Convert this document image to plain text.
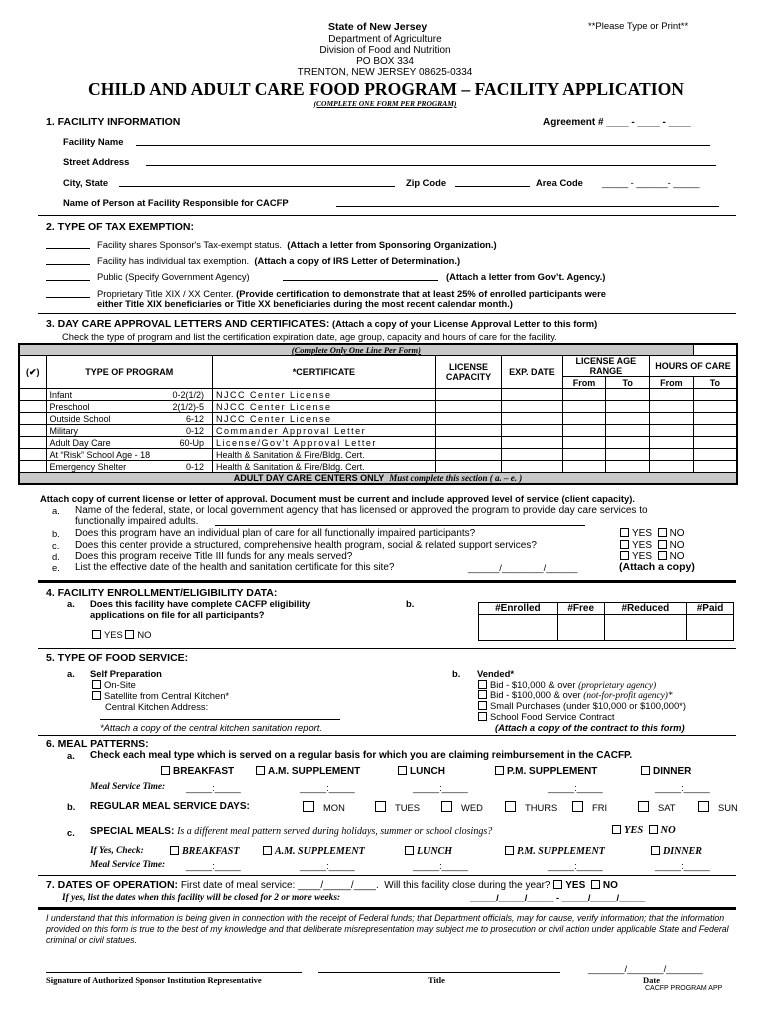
State of New Jersey	**Please Type or Print**
Department of Agriculture
Division of Food and Nutrition
PO BOX 334
TRENTON, NEW JERSEY 08625-0334
CHILD AND ADULT CARE FOOD PROGRAM – FACILITY APPLICATION
(COMPLETE ONE FORM PER PROGRAM)
1. FACILITY INFORMATION	Agreement # ____ - ____ - ____
Facility Name
Street Address
City, State	Zip Code	Area Code _____ - ______- _____
Name of Person at Facility Responsible for CACFP
2. TYPE OF TAX EXEMPTION:
Facility shares Sponsor's Tax-exempt status. (Attach a letter from Sponsoring Organization.)
Facility has individual tax exemption. (Attach a copy of IRS Letter of Determination.)
Public (Specify Government Agency)	(Attach a letter from Gov’t. Agency.)
Proprietary Title XIX / XX Center. (Provide certification to demonstrate that at least 25% of enrolled participants were
either Title XIX beneficiaries or Title XX beneficiaries during the most recent calendar month.)
3. DAY CARE APPROVAL LETTERS AND CERTIFICATES: (Attach a copy of your License Approval Letter to this form)
Check the type of program and list the certification expiration date, age group, capacity and hours of care for the facility.
(Complete Only One Line Per Form)								
(✔)	TYPE OF PROGRAM	*CERTIFICATE	LICENSE CAPACITY	EXP. DATE	LICENSE AGE RANGE		HOURS OF CARE	
					From	To	From	To
	Infant 0-2(1/2)	NJCC Center License						
	Preschool 2(1/2)-5	NJCC Center License						
	Outside School 6-12	NJCC Center License						
	Military 0-12	Commander Approval Letter						
	Adult Day Care 60-Up	License/Gov't Approval Letter						
	At “Risk” School Age - 18	Health & Sanitation & Fire/Bldg. Cert.						
	Emergency Shelter 0-12	Health & Sanitation & Fire/Bldg. Cert.						
ADULT DAY CARE CENTERS ONLY Must complete this section ( a. – e. )								
Attach copy of current license or letter of approval. Document must be current and include approved level of service (client capacity).
a. Name of the federal, state, or local government agency that has licensed or approved the program to provide day care services to
functionally impaired adults.
b. Does this program have an individual plan of care for all functionally impaired participants?
c. Does this center provide a structured, comprehensive health program, social & related support services?
d. Does this program receive Title III funds for any meals served?
e. List the effective date of the health and sanitation certificate for this site?	______/________/______
YES NO
YES NO
YES NO
(Attach a copy)
4. FACILITY ENROLLMENT/ELIGIBILITY DATA:
a. Does this facility have complete CACFP eligibility
applications on file for all participants?
b.
YES NO
#Enrolled	#Free	#Reduced	#Paid

5. TYPE OF FOOD SERVICE:
a. Self Preparation
On-Site
Satellite from Central Kitchen*
Central Kitchen Address:
*Attach a copy of the central kitchen sanitation report.
b. Vended*
Bid - $10,000 & over (proprietary agency)
Bid - $100,000 & over (not-for-profit agency)*
Small Purchases (under $10,000 or $100,000*)
School Food Service Contract
(Attach a copy of the contract to this form)
6. MEAL PATTERNS:
a. Check each meal type which is served on a regular basis for which you are claiming reimbursement in the CACFP.
BREAKFAST	A.M. SUPPLEMENT	LUNCH	P.M. SUPPLEMENT	DINNER
Meal Service Time: _____:_____	_____:_____	_____:_____	_____:_____	_____:_____
b. REGULAR MEAL SERVICE DAYS:	MON	TUES	WED	THURS	FRI	SAT	SUN
c. SPECIAL MEALS: Is a different meal pattern served during holidays, summer or school closings?	YES NO
If Yes, Check:	BREAKFAST	A.M. SUPPLEMENT	LUNCH	P.M. SUPPLEMENT	DINNER
Meal Service Time: _____:_____	_____:_____	_____:_____	_____:_____	_____:_____
7. DATES OF OPERATION: First date of meal service: ____/_____/____. Will this facility close during the year? YES NO
If yes, list the dates when this facility will be closed for 2 or more weeks:	_____/_____/_____ - _____/_____/_____
I understand that this information is being given in connection with the receipt of Federal funds; that Department officials, may for cause, verify information; that the information provided on this form is true to the best of my knowledge and that deliberate misrepresentation may subject me to prosecution or civil action under applicable State and Federal criminal or civil statues.
Signature of Authorized Sponsor Institution Representative	Title
_______/_______/_______
Date
CACFP PROGRAM APP
